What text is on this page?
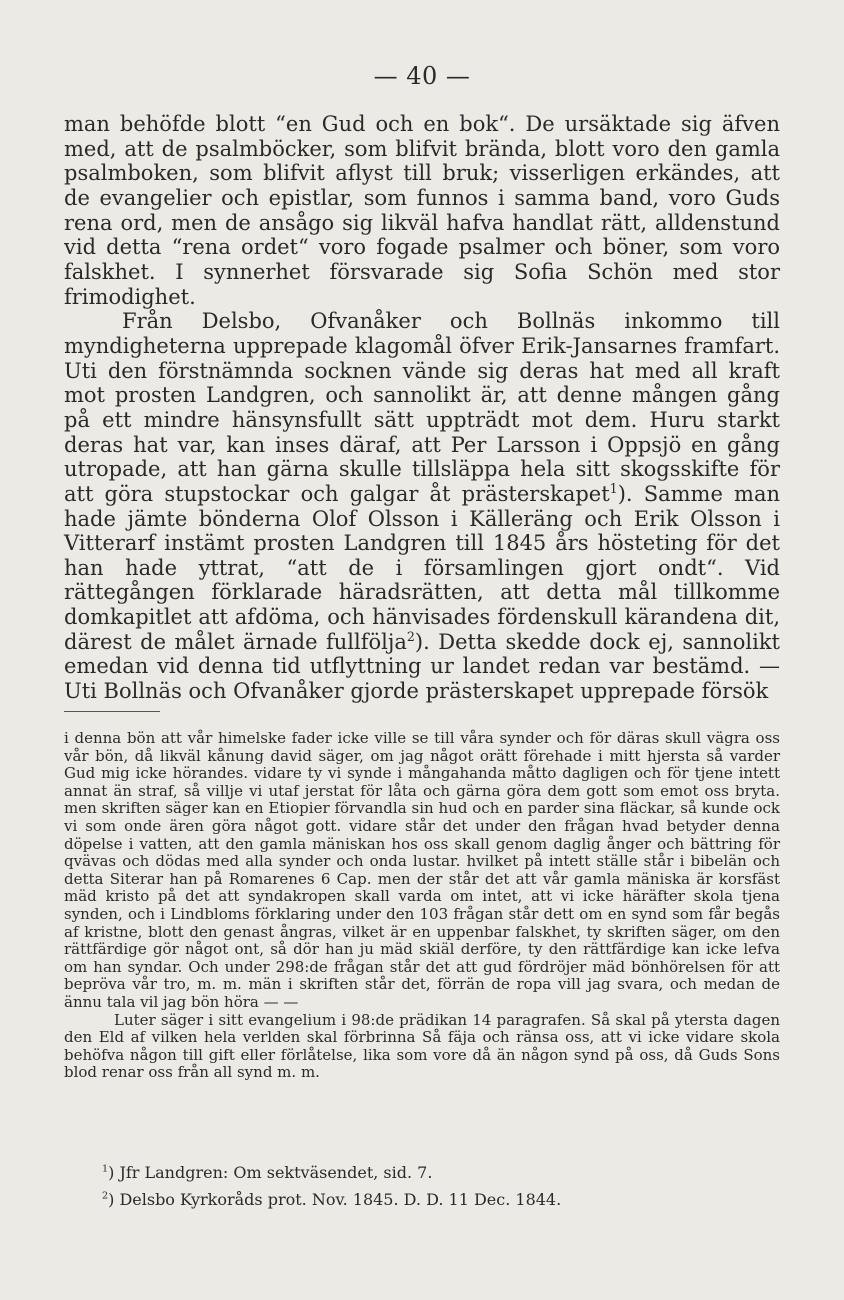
— 40 —

man behöfde blott “en Gud och en bok“. De ursäktade sig äfven med, att de psalmböcker, som blifvit brända, blott voro den gamla psalmboken, som blifvit aflyst till bruk; visserligen erkändes, att de evangelier och epistlar, som funnos i samma band, voro Guds rena ord, men de ansågo sig likväl hafva handlat rätt, alldenstund vid detta “rena ordet“ voro fogade psalmer och böner, som voro falskhet. I synnerhet försvarade sig Sofia Schön med stor frimodighet.

Från Delsbo, Ofvanåker och Bollnäs inkommo till myndigheterna upprepade klagomål öfver Erik-Jansarnes framfart. Uti den förstnämnda socknen vände sig deras hat med all kraft mot prosten Landgren, och sannolikt är, att denne mången gång på ett mindre hänsynsfullt sätt uppträdt mot dem. Huru starkt deras hat var, kan inses däraf, att Per Larsson i Oppsjö en gång utropade, att han gärna skulle tillsläppa hela sitt skogsskifte för att göra stupstockar och galgar åt prästerskapet$^1$). Samme man hade jämte bönderna Olof Olsson i Källeräng och Erik Olsson i Vitterarf instämt prosten Landgren till 1845 års hösteting för det han hade yttrat, “att de i församlingen gjort ondt“. Vid rättegången förklarade häradsrätten, att detta mål tillkomme domkapitlet att afdöma, och hänvisades fördenskull kärandena dit, därest de målet ärnade fullfölja$^2$). Detta skedde dock ej, sannolikt emedan vid denna tid utflyttning ur landet redan var bestämd. — Uti Bollnäs och Ofvanåker gjorde prästerskapet upprepade försök

i denna bön att vår himelske fader icke ville se till våra synder och för däras skull vägra oss vår bön, då likväl kånung david säger, om jag något orätt förehade i mitt hjersta så varder Gud mig icke hörandes. vidare ty vi synde i mångahanda måtto dagligen och för tjene intett annat än straf, så villje vi utaf jerstat för låta och gärna göra dem gott som emot oss bryta. men skriften säger kan en Etiopier förvandla sin hud och en parder sina fläckar, så kunde ock vi som onde ären göra något gott. vidare står det under den frågan hvad betyder denna döpelse i vatten, att den gamla mäniskan hos oss skall genom daglig ånger och bättring för qvävas och dödas med alla synder och onda lustar. hvilket på intett ställe står i bibelän och detta Siterar han på Romarenes 6 Cap. men der står det att vår gamla mäniska är korsfäst mäd kristo på det att syndakropen skall varda om intet, att vi icke häräfter skola tjena synden, och i Lindbloms förklaring under den 103 frågan står dett om en synd som får begås af kristne, blott den genast ångras, vilket är en uppenbar falskhet, ty skriften säger, om den rättfärdige gör något ont, så dör han ju mäd skiäl derföre, ty den rättfärdige kan icke lefva om han syndar. Och under 298:de frågan står det att gud fördröjer mäd bönhörelsen för att bepröva vår tro, m. m. män i skriften står det, förrän de ropa vill jag svara, och medan de ännu tala vil jag bön höra — —

Luter säger i sitt evangelium i 98:de prädikan 14 paragrafen. Så skal på ytersta dagen den Eld af vilken hela verlden skal förbrinna Så fäja och ränsa oss, att vi icke vidare skola behöfva någon till gift eller förlåtelse, lika som vore då än någon synd på oss, då Guds Sons blod renar oss från all synd m. m.

$^1$) Jfr Landgren: Om sektväsendet, sid. 7.

$^2$) Delsbo Kyrkoråds prot. Nov. 1845. D. D. 11 Dec. 1844.
